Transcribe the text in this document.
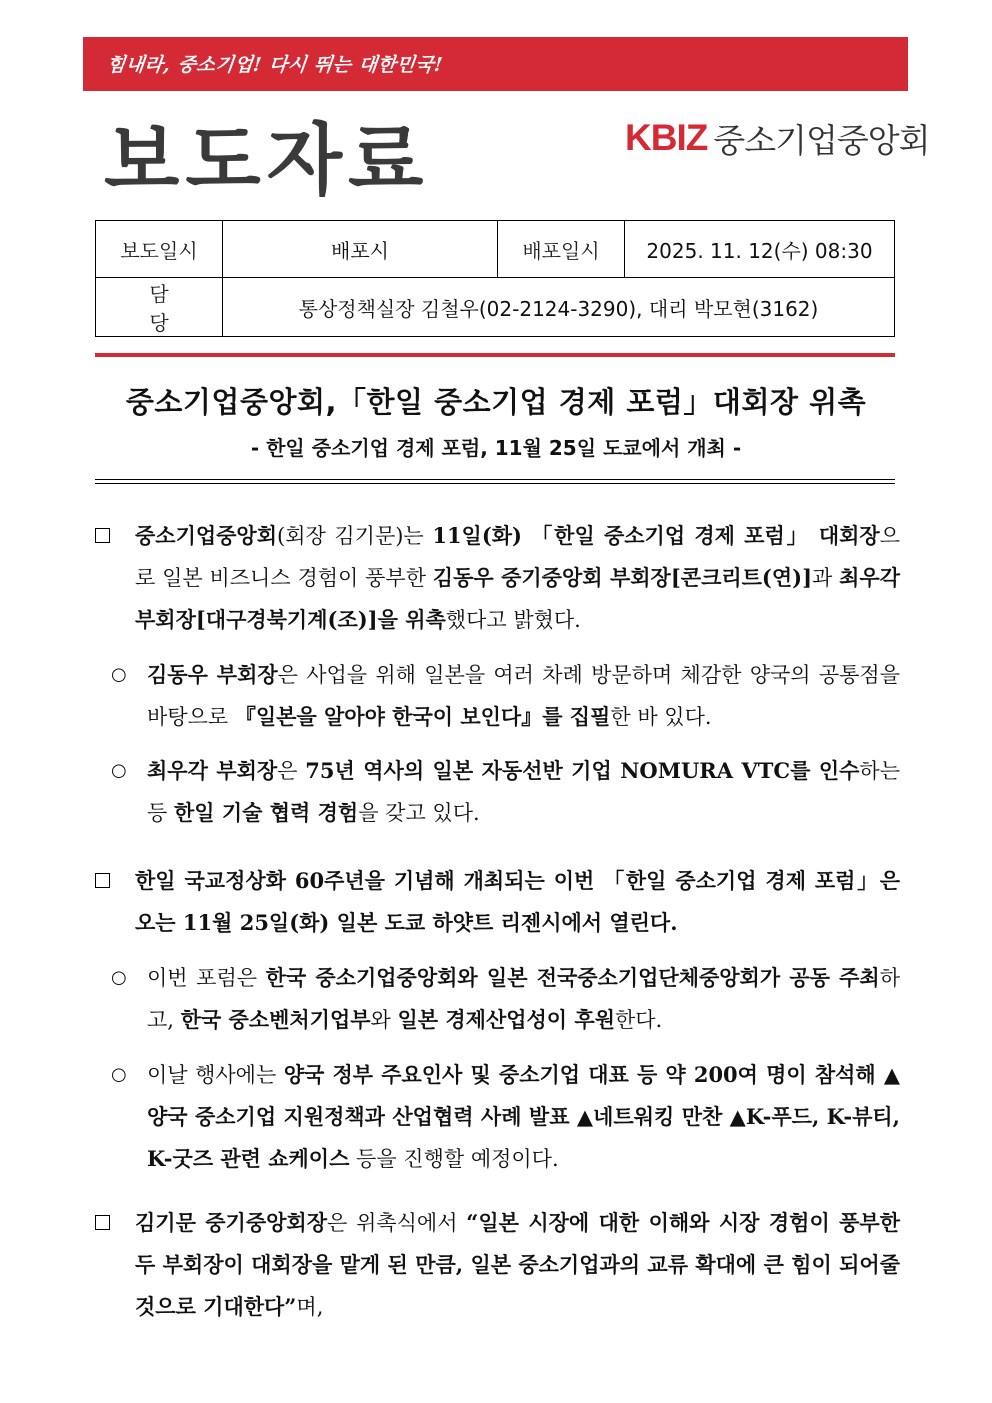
힘내라, 중소기업! 다시 뛰는 대한민국!
보도자료	KBIZ 중소기업중앙회
보도일시	배포시	배포일시	2025. 11. 12(수) 08:30
담 당	통상정책실장 김철우(02-2124-3290), 대리 박모현(3162)		
중소기업중앙회,「한일 중소기업 경제 포럼」대회장 위촉
- 한일 중소기업 경제 포럼, 11월 25일 도쿄에서 개최 -
중소기업중앙회(회장 김기문)는 11일(화) 「한일 중소기업 경제 포럼」 대회장으로 일본 비즈니스 경험이 풍부한 김동우 중기중앙회 부회장[콘크리트(연)]과 최우각 부회장[대구경북기계(조)]을 위촉했다고 밝혔다.
○ 김동우 부회장은 사업을 위해 일본을 여러 차례 방문하며 체감한 양국의 공통점을 바탕으로 『일본을 알아야 한국이 보인다』를 집필한 바 있다.
○ 최우각 부회장은 75년 역사의 일본 자동선반 기업 NOMURA VTC를 인수하는 등 한일 기술 협력 경험을 갖고 있다.
한일 국교정상화 60주년을 기념해 개최되는 이번 「한일 중소기업 경제 포럼」은 오는 11월 25일(화) 일본 도쿄 하얏트 리젠시에서 열린다.
○ 이번 포럼은 한국 중소기업중앙회와 일본 전국중소기업단체중앙회가 공동 주최하고, 한국 중소벤처기업부와 일본 경제산업성이 후원한다.
○ 이날 행사에는 양국 정부 주요인사 및 중소기업 대표 등 약 200여 명이 참석해 ▲양국 중소기업 지원정책과 산업협력 사례 발표 ▲네트워킹 만찬 ▲K-푸드, K-뷰티, K-굿즈 관련 쇼케이스 등을 진행할 예정이다.
김기문 중기중앙회장은 위촉식에서 “일본 시장에 대한 이해와 시장 경험이 풍부한 두 부회장이 대회장을 맡게 된 만큼, 일본 중소기업과의 교류 확대에 큰 힘이 되어줄 것으로 기대한다”며,
